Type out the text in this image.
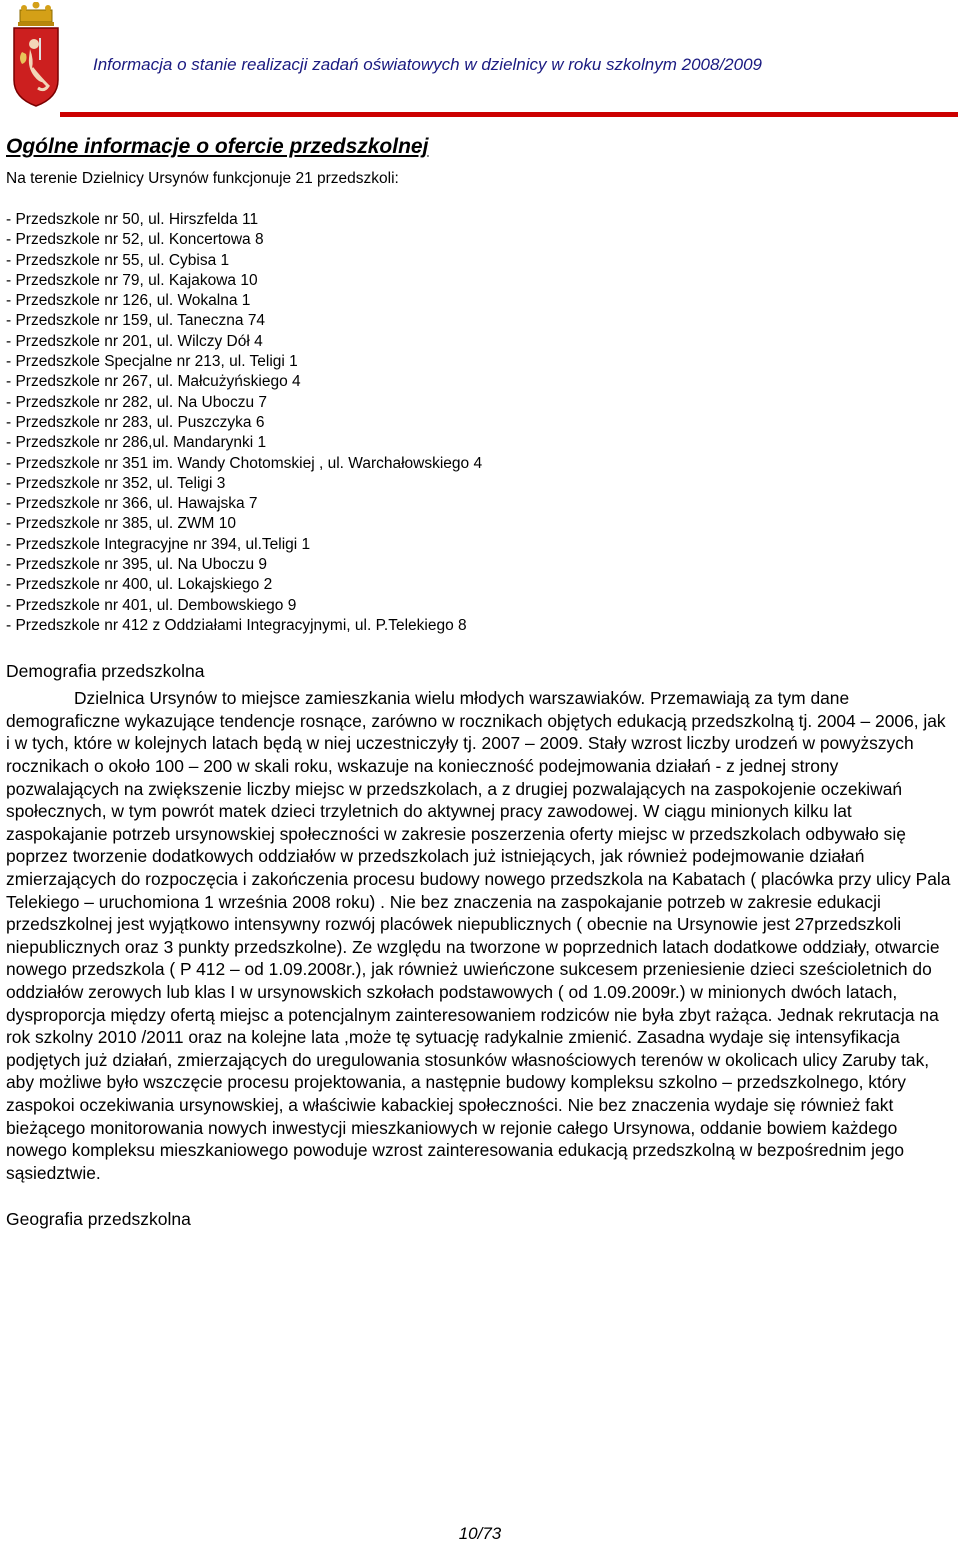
Informacja o stanie realizacji zadań oświatowych w dzielnicy w roku szkolnym 2008/2009
Ogólne informacje o ofercie przedszkolnej
Na terenie Dzielnicy Ursynów funkcjonuje 21 przedszkoli:
- Przedszkole nr 50, ul. Hirszfelda 11
- Przedszkole nr 52, ul. Koncertowa 8
- Przedszkole nr 55, ul. Cybisa 1
- Przedszkole nr 79, ul. Kajakowa 10
- Przedszkole nr 126, ul. Wokalna 1
- Przedszkole nr 159, ul. Taneczna 74
- Przedszkole nr 201, ul. Wilczy Dół 4
- Przedszkole Specjalne nr 213, ul. Teligi 1
- Przedszkole nr 267, ul. Małcużyńskiego 4
- Przedszkole nr 282, ul. Na Uboczu 7
- Przedszkole nr 283, ul. Puszczyka 6
- Przedszkole nr 286,ul. Mandarynki 1
- Przedszkole nr 351 im. Wandy Chotomskiej , ul. Warchałowskiego 4
- Przedszkole nr 352, ul. Teligi 3
- Przedszkole nr 366, ul. Hawajska 7
- Przedszkole nr 385, ul. ZWM 10
- Przedszkole Integracyjne nr 394, ul.Teligi 1
- Przedszkole nr 395, ul. Na Uboczu 9
- Przedszkole nr 400, ul. Lokajskiego 2
- Przedszkole nr 401, ul. Dembowskiego 9
- Przedszkole nr 412 z Oddziałami Integracyjnymi, ul. P.Telekiego 8
Demografia przedszkolna

Dzielnica Ursynów to miejsce zamieszkania wielu młodych warszawiaków. Przemawiają za tym dane demograficzne wykazujące tendencje rosnące, zarówno w rocznikach objętych edukacją przedszkolną tj. 2004 – 2006, jak i w tych, które w kolejnych latach będą w niej uczestniczyły tj. 2007 – 2009. Stały wzrost liczby urodzeń w powyższych rocznikach o około 100 – 200 w skali roku, wskazuje na konieczność podejmowania działań - z jednej strony pozwalających na zwiększenie liczby miejsc w przedszkolach, a z drugiej pozwalających na zaspokojenie oczekiwań społecznych, w tym powrót matek dzieci trzyletnich do aktywnej pracy zawodowej. W ciągu minionych kilku lat zaspokajanie potrzeb ursynowskiej społeczności w zakresie poszerzenia oferty miejsc w przedszkolach odbywało się poprzez tworzenie dodatkowych oddziałów w przedszkolach już istniejących, jak również podejmowanie działań zmierzających do rozpoczęcia i zakończenia procesu budowy nowego przedszkola na Kabatach ( placówka przy ulicy Pala Telekiego – uruchomiona 1 września 2008 roku) . Nie bez znaczenia na zaspokajanie potrzeb w zakresie edukacji przedszkolnej jest wyjątkowo intensywny rozwój placówek niepublicznych ( obecnie na Ursynowie jest 27przedszkoli niepublicznych oraz 3 punkty przedszkolne). Ze względu na tworzone w poprzednich latach dodatkowe oddziały, otwarcie nowego przedszkola ( P 412 – od 1.09.2008r.), jak również uwieńczone sukcesem przeniesienie dzieci sześcioletnich do oddziałów zerowych lub klas I w ursynowskich szkołach podstawowych ( od 1.09.2009r.) w minionych dwóch latach, dysproporcja między ofertą miejsc a potencjalnym zainteresowaniem rodziców nie była zbyt rażąca. Jednak rekrutacja na rok szkolny 2010 /2011 oraz na kolejne lata ,może tę sytuację radykalnie zmienić. Zasadna wydaje się intensyfikacja podjętych już działań, zmierzających do uregulowania stosunków własnościowych terenów w okolicach ulicy Zaruby tak, aby możliwe było wszczęcie procesu projektowania, a następnie budowy kompleksu szkolno – przedszkolnego, który zaspokoi oczekiwania ursynowskiej, a właściwie kabackiej społeczności. Nie bez znaczenia wydaje się również fakt bieżącego monitorowania nowych inwestycji mieszkaniowych w rejonie całego Ursynowa, oddanie bowiem każdego nowego kompleksu mieszkaniowego powoduje wzrost zainteresowania edukacją przedszkolną w bezpośrednim jego sąsiedztwie.

Geografia przedszkolna
10/73
